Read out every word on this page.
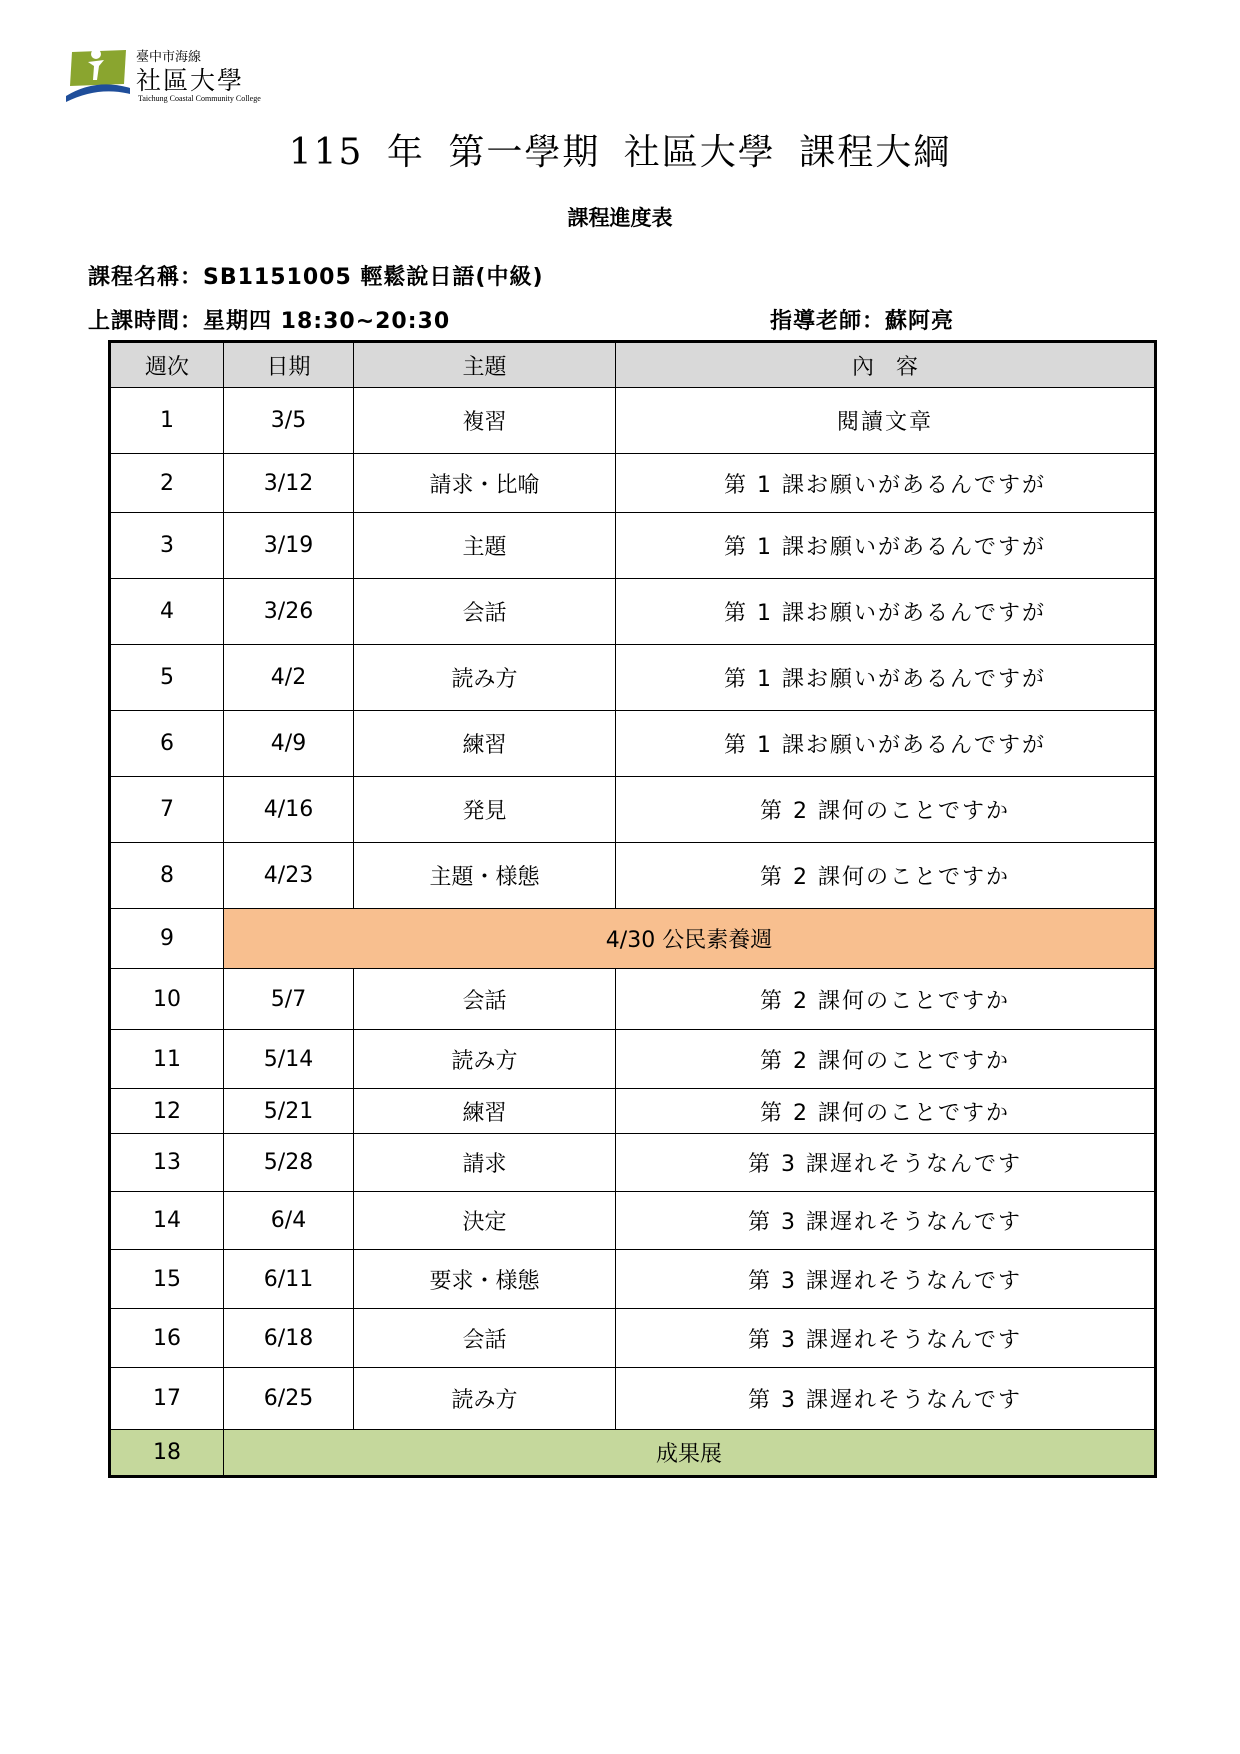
臺中市海線
社區大學
Taichung Coastal Community College
115 年 第一學期 社區大學 課程大綱
課程進度表
課程名稱：SB1151005 輕鬆說日語(中級)
上課時間：星期四 18:30~20:30	指導老師：蘇阿亮
週次	日期	主題	內　容
1	3/5	複習	閱讀文章
2	3/12	請求・比喻	第 1 課お願いがあるんですが
3	3/19	主題	第 1 課お願いがあるんですが
4	3/26	会話	第 1 課お願いがあるんですが
5	4/2	読み方	第 1 課お願いがあるんですが
6	4/9	練習	第 1 課お願いがあるんですが
7	4/16	発見	第 2 課何のことですか
8	4/23	主題・様態	第 2 課何のことですか
9	4/30 公民素養週		
10	5/7	会話	第 2 課何のことですか
11	5/14	読み方	第 2 課何のことですか
12	5/21	練習	第 2 課何のことですか
13	5/28	請求	第 3 課遅れそうなんです
14	6/4	決定	第 3 課遅れそうなんです
15	6/11	要求・様態	第 3 課遅れそうなんです
16	6/18	会話	第 3 課遅れそうなんです
17	6/25	読み方	第 3 課遅れそうなんです
18	成果展		
